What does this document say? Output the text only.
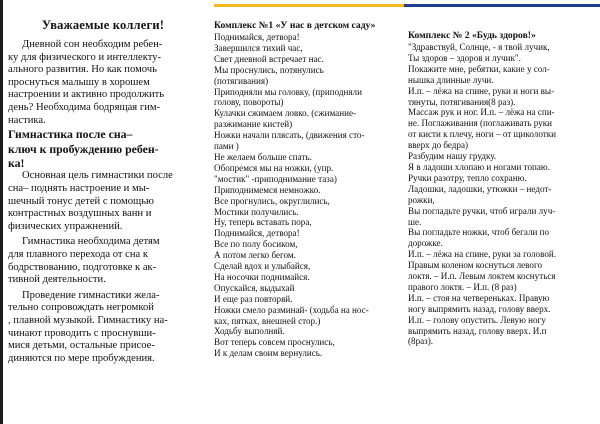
Уважаемые коллеги!
Дневной сон необходим ребен-
ку для физического и интеллекту-
ального развития. Но как помочь
проснуться малышу в хорошем
настроении и активно продолжить
день? Необходима бодрящая гим-
настика.
Гимнастика после сна–
ключ к пробуждению ребен-
ка!
Основная цель гимнастики после
сна– поднять настроение и мы-
шечный тонус детей с помощью
контрастных воздушных ванн и
физических упражнений.
Гимнастика необходима детям
для плавного перехода от сна к
бодрствованию, подготовке к ак-
тивной деятельности.
Проведение гимнастики жела-
тельно сопровождать негромкой
, плавной музыкой. Гимнастику на-
чинают проводить с проснувши-
мися детьми, остальные присое-
диняются по мере пробуждения.
Комплекс №1 «У нас в детском саду»
Поднимайся, детвора!
Завершился тихий час,
Свет дневной встречает нас.
Мы проснулись, потянулись
(потягивания)
Приподняли мы головку, (приподняли
голову, повороты)
Кулачки сжимаем ловко. (сжимание-
разжимание кистей)
Ножки начали плясать, (движения сто-
пами )
Не желаем больше спать.
Обопремся мы на ножки, (упр.
"мостик" -приподнимание таза)
Приподнимемся немножко.
Все прогнулись, округлились,
Мостики получились.
Ну, теперь вставать пора,
Поднимайся, детвора!
Все по полу босиком,
А потом легко бегом.
Сделай вдох и улыбайся,
На носочки поднимайся.
Опускайся, выдыхай
И еще раз повторяй.
Ножки смело разминай- (ходьба на нос-
ках, пятках, внешней стор.)
Ходьбу выполняй.
Вот теперь совсем проснулись,
И к делам своим вернулись.
Комплекс № 2 «Будь здоров!»
"Здравствуй, Солнце, - я твой лучик,
Ты здоров – здоров и лучик".
Покажите мне, ребятки, какие у сол-
нышка длинные лучи.
И.п. – лёжа на спине, руки и ноги вы-
тянуты, потягивания(8 раз).
Массаж рук и ног. И.п. – лёжа на спи-
не. Поглаживания (поглаживать руки
от кисти к плечу, ноги – от щиколотки
вверх до бедра)
Разбудим нашу грудку.
Я в ладоши хлопаю и ногами топаю.
Ручки разотру, тепло сохраню.
Ладошки, ладошки, утюжки – недот-
рожки,
Вы погладьте ручки, чтоб играли луч-
ше.
Вы погладьте ножки, чтоб бегали по
дорожке.
И.п. – лёжа на спине, руки за головой.
Правым коленом коснуться левого
локтя. – И.п. Левым локтем коснуться
правого локтя. – И.п. (8 раз)
И.п. – стоя на четвереньках. Правую
ногу выпрямить назад, голову вверх.
И.п. – голову опустить. Левую ногу
выпрямить назад, голову вверх. И.п
(8раз).
